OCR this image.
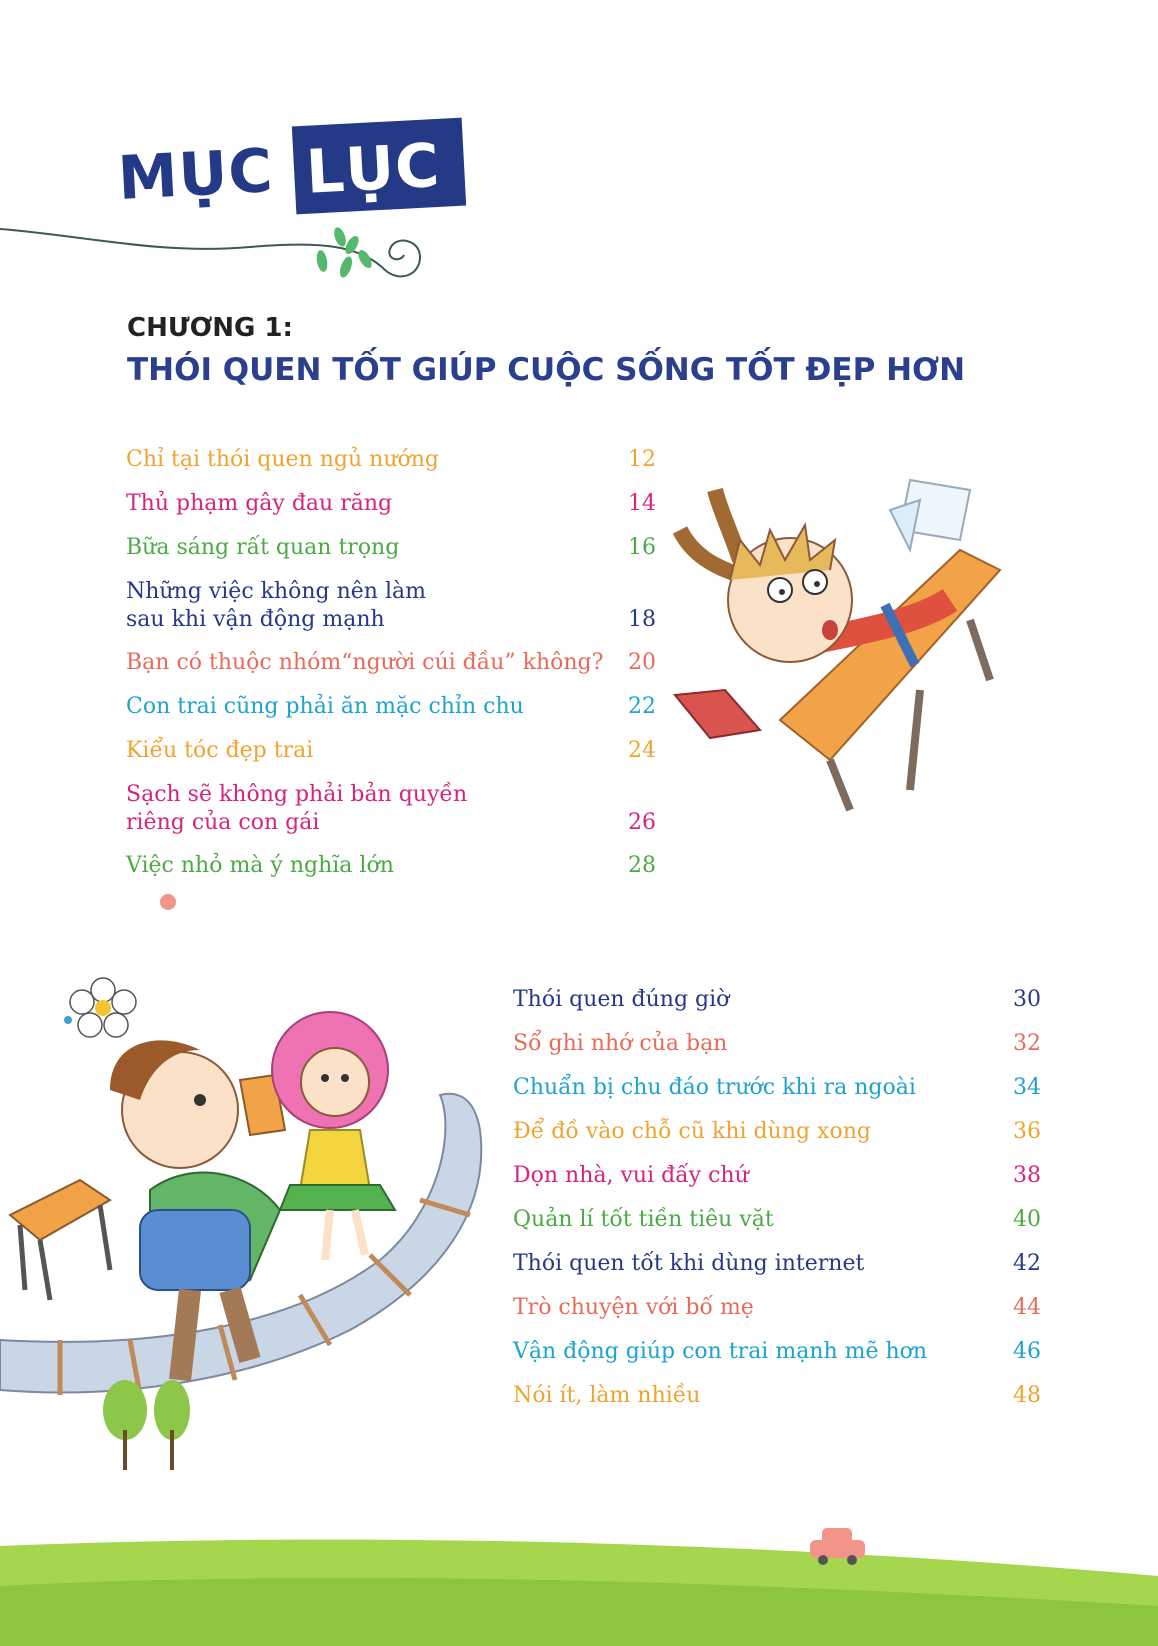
MỤC LỤC
CHƯƠNG 1:
THÓI QUEN TỐT GIÚP CUỘC SỐNG TỐT ĐẸP HƠN
Chỉ tại thói quen ngủ nướng	12
Thủ phạm gây đau răng	14
Bữa sáng rất quan trọng	16
Những việc không nên làm
sau khi vận động mạnh	18
Bạn có thuộc nhóm“người cúi đầu” không? 20
Con trai cũng phải ăn mặc chỉn chu	22
Kiểu tóc đẹp trai	24
Sạch sẽ không phải bản quyền
riêng của con gái	26
Việc nhỏ mà ý nghĩa lớn	28
Thói quen đúng giờ	30
Sổ ghi nhớ của bạn	32
Chuẩn bị chu đáo trước khi ra ngoài	34
Để đồ vào chỗ cũ khi dùng xong	36
Dọn nhà, vui đấy chứ	38
Quản lí tốt tiền tiêu vặt	40
Thói quen tốt khi dùng internet	42
Trò chuyện với bố mẹ	44
Vận động giúp con trai mạnh mẽ hơn	46
Nói ít, làm nhiều	48
